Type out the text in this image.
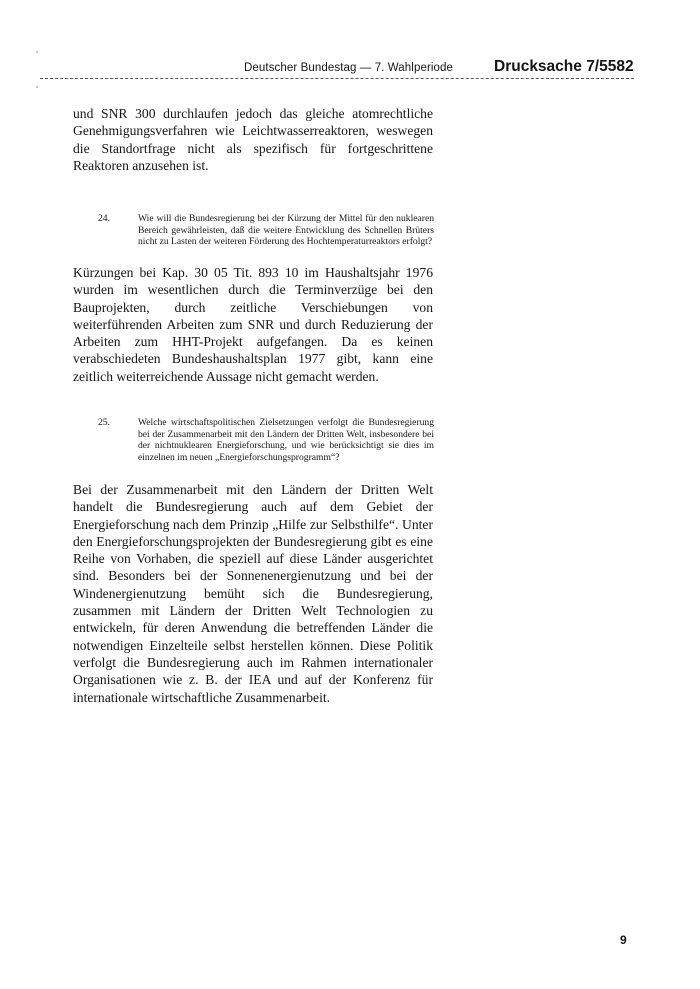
Deutscher Bundestag — 7. Wahlperiode	Drucksache 7/5582

und SNR 300 durchlaufen jedoch das gleiche atomrechtliche Genehmigungsverfahren wie Leichtwasserreaktoren, weswegen die Standortfrage nicht als spezifisch für fortgeschrittene Reaktoren anzusehen ist.

24.	Wie will die Bundesregierung bei der Kürzung der Mittel für den nuklearen Bereich gewährleisten, daß die weitere Entwicklung des Schnellen Brüters nicht zu Lasten der weiteren Förderung des Hochtemperaturreaktors erfolgt?

Kürzungen bei Kap. 30 05 Tit. 893 10 im Haushaltsjahr 1976 wurden im wesentlichen durch die Terminverzüge bei den Bauprojekten, durch zeitliche Verschiebungen von weiterführenden Arbeiten zum SNR und durch Reduzierung der Arbeiten zum HHT-Projekt aufgefangen. Da es keinen verabschiedeten Bundeshaushaltsplan 1977 gibt, kann eine zeitlich weiterreichende Aussage nicht gemacht werden.

25.	Welche wirtschaftspolitischen Zielsetzungen verfolgt die Bundesregierung bei der Zusammenarbeit mit den Ländern der Dritten Welt, insbesondere bei der nichtnuklearen Energieforschung, und wie berücksichtigt sie dies im einzelnen im neuen „Energieforschungsprogramm“?

Bei der Zusammenarbeit mit den Ländern der Dritten Welt handelt die Bundesregierung auch auf dem Gebiet der Energieforschung nach dem Prinzip „Hilfe zur Selbsthilfe“. Unter den Energieforschungsprojekten der Bundesregierung gibt es eine Reihe von Vorhaben, die speziell auf diese Länder ausgerichtet sind. Besonders bei der Sonnenenergienutzung und bei der Windenergienutzung bemüht sich die Bundesregierung, zusammen mit Ländern der Dritten Welt Technologien zu entwickeln, für deren Anwendung die betreffenden Länder die notwendigen Einzelteile selbst herstellen können. Diese Politik verfolgt die Bundesregierung auch im Rahmen internationaler Organisationen wie z. B. der IEA und auf der Konferenz für internationale wirtschaftliche Zusammenarbeit.

9
